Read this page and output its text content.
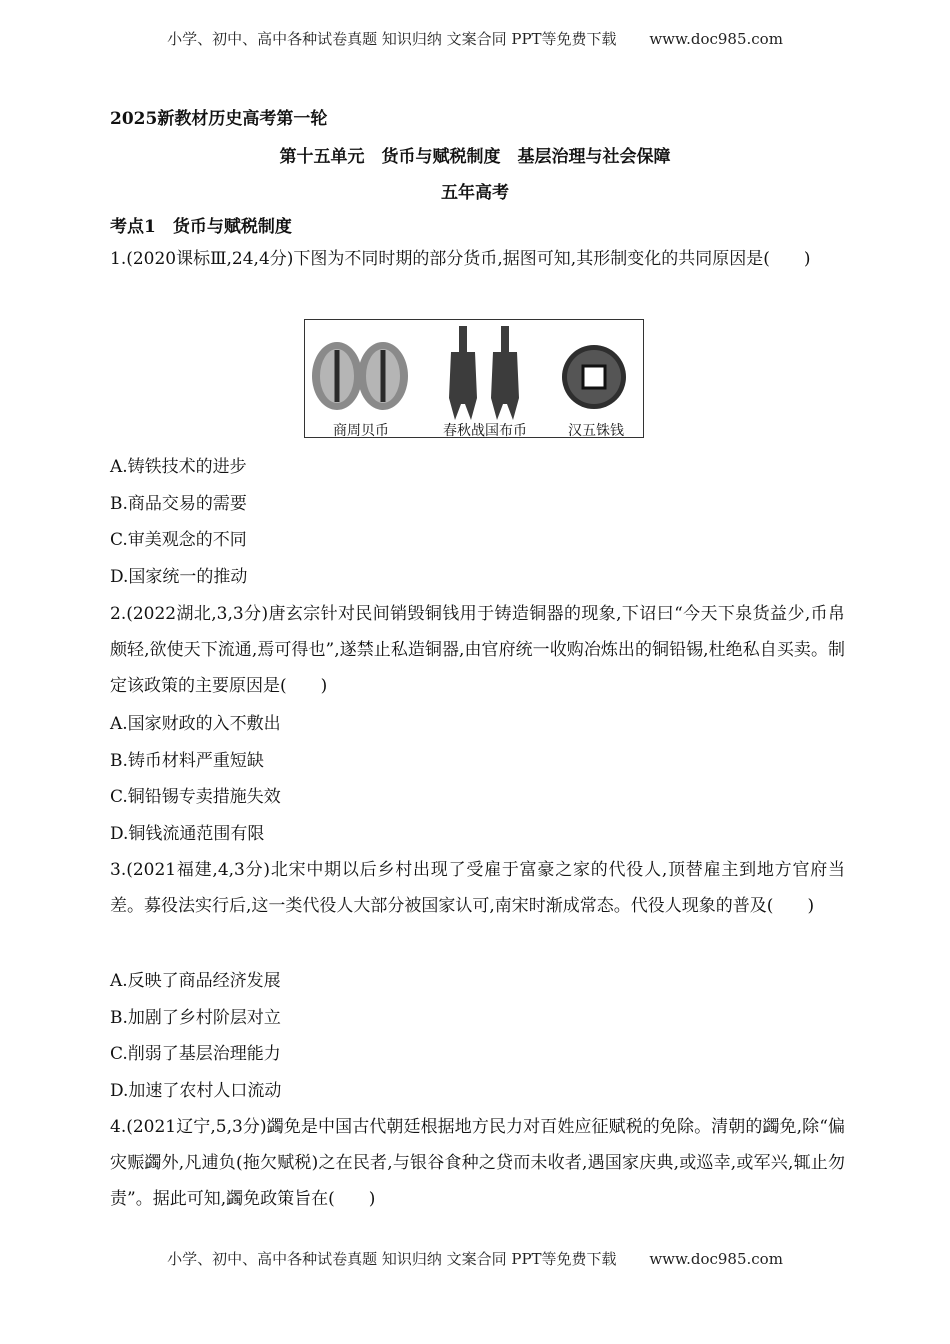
小学、初中、高中各种试卷真题 知识归纳 文案合同 PPT等免费下载 www.doc985.com
2025新教材历史高考第一轮
第十五单元　货币与赋税制度　基层治理与社会保障
五年高考
考点1　货币与赋税制度
1.(2020课标Ⅲ,24,4分)下图为不同时期的部分货币,据图可知,其形制变化的共同原因是(　　)
商周贝币	春秋战国布币	汉五铢钱
A.铸铁技术的进步
B.商品交易的需要
C.审美观念的不同
D.国家统一的推动
2.(2022湖北,3,3分)唐玄宗针对民间销毁铜钱用于铸造铜器的现象,下诏曰“今天下泉货益少,币帛颇轻,欲使天下流通,焉可得也”,遂禁止私造铜器,由官府统一收购冶炼出的铜铅锡,杜绝私自买卖。制定该政策的主要原因是(　　)
A.国家财政的入不敷出
B.铸币材料严重短缺
C.铜铅锡专卖措施失效
D.铜钱流通范围有限
3.(2021福建,4,3分)北宋中期以后乡村出现了受雇于富豪之家的代役人,顶替雇主到地方官府当差。募役法实行后,这一类代役人大部分被国家认可,南宋时渐成常态。代役人现象的普及(　　)
A.反映了商品经济发展
B.加剧了乡村阶层对立
C.削弱了基层治理能力
D.加速了农村人口流动
4.(2021辽宁,5,3分)蠲免是中国古代朝廷根据地方民力对百姓应征赋税的免除。清朝的蠲免,除“偏灾赈蠲外,凡逋负(拖欠赋税)之在民者,与银谷食种之贷而未收者,遇国家庆典,或巡幸,或军兴,辄止勿责”。据此可知,蠲免政策旨在(　　)
小学、初中、高中各种试卷真题 知识归纳 文案合同 PPT等免费下载 www.doc985.com
